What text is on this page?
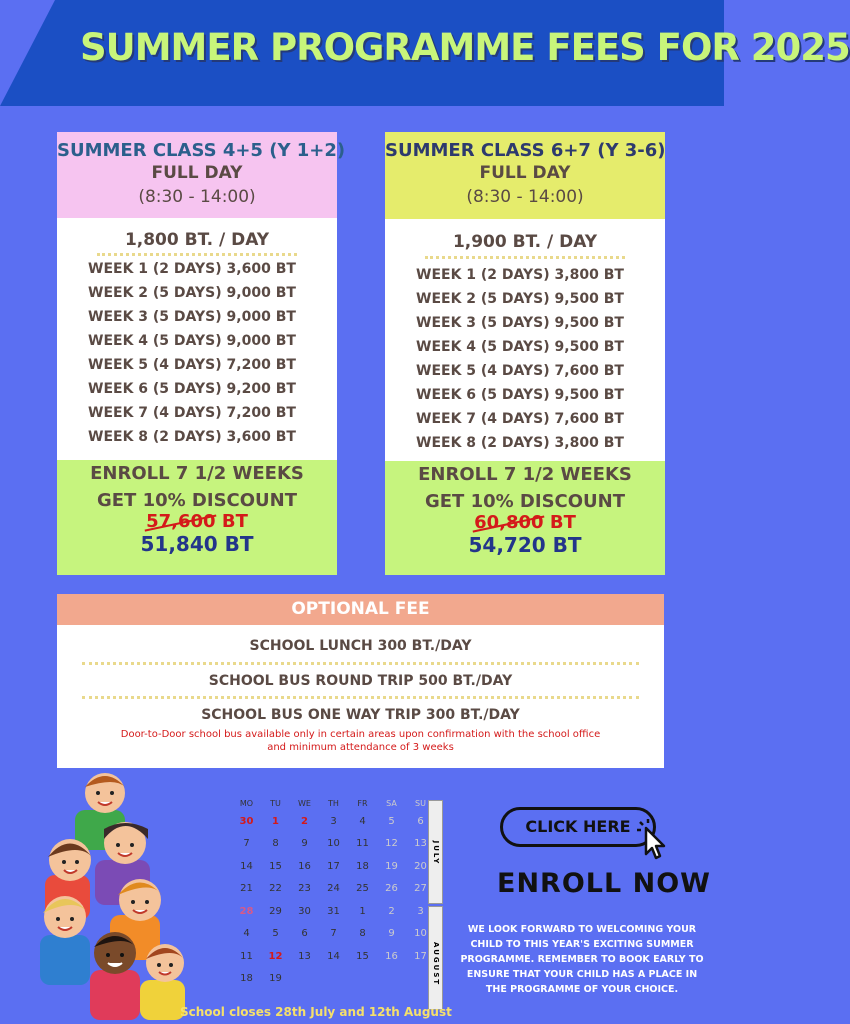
SUMMER PROGRAMME FEES FOR 2025
SUMMER CLASS 4+5 (Y 1+2)
FULL DAY
(8:30 - 14:00)
1,800 BT. / DAY
WEEK 1 (2 DAYS) 3,600 BT
WEEK 2 (5 DAYS) 9,000 BT
WEEK 3 (5 DAYS) 9,000 BT
WEEK 4 (5 DAYS) 9,000 BT
WEEK 5 (4 DAYS) 7,200 BT
WEEK 6 (5 DAYS) 9,200 BT
WEEK 7 (4 DAYS) 7,200 BT
WEEK 8 (2 DAYS) 3,600 BT
ENROLL 7 1/2 WEEKS
GET 10% DISCOUNT
57,600 BT
51,840 BT
SUMMER CLASS 6+7 (Y 3-6)
FULL DAY
(8:30 - 14:00)
1,900 BT. / DAY
WEEK 1 (2 DAYS) 3,800 BT
WEEK 2 (5 DAYS) 9,500 BT
WEEK 3 (5 DAYS) 9,500 BT
WEEK 4 (5 DAYS) 9,500 BT
WEEK 5 (4 DAYS) 7,600 BT
WEEK 6 (5 DAYS) 9,500 BT
WEEK 7 (4 DAYS) 7,600 BT
WEEK 8 (2 DAYS) 3,800 BT
ENROLL 7 1/2 WEEKS
GET 10% DISCOUNT
60,800 BT
54,720 BT
OPTIONAL FEE
SCHOOL LUNCH 300 BT./DAY
SCHOOL BUS ROUND TRIP 500 BT./DAY
SCHOOL BUS ONE WAY TRIP 300 BT./DAY
Door-to-Door school bus available only in certain areas upon confirmation with the school office
and minimum attendance of 3 weeks
MO	TU	WE	TH	FR	SA	SU
30	1	2	3	4	5	6
7	8	9	10	11	12	13
14	15	16	17	18	19	20
21	22	23	24	25	26	27
28	29	30	31	1	2	3
4	5	6	7	8	9	10
11	12	13	14	15	16	17
18	19
JULY
AUGUST
School closes 28th July and 12th August
CLICK HERE
ENROLL NOW
WE LOOK FORWARD TO WELCOMING YOUR CHILD TO THIS YEAR'S EXCITING SUMMER PROGRAMME. REMEMBER TO BOOK EARLY TO ENSURE THAT YOUR CHILD HAS A PLACE IN THE PROGRAMME OF YOUR CHOICE.
